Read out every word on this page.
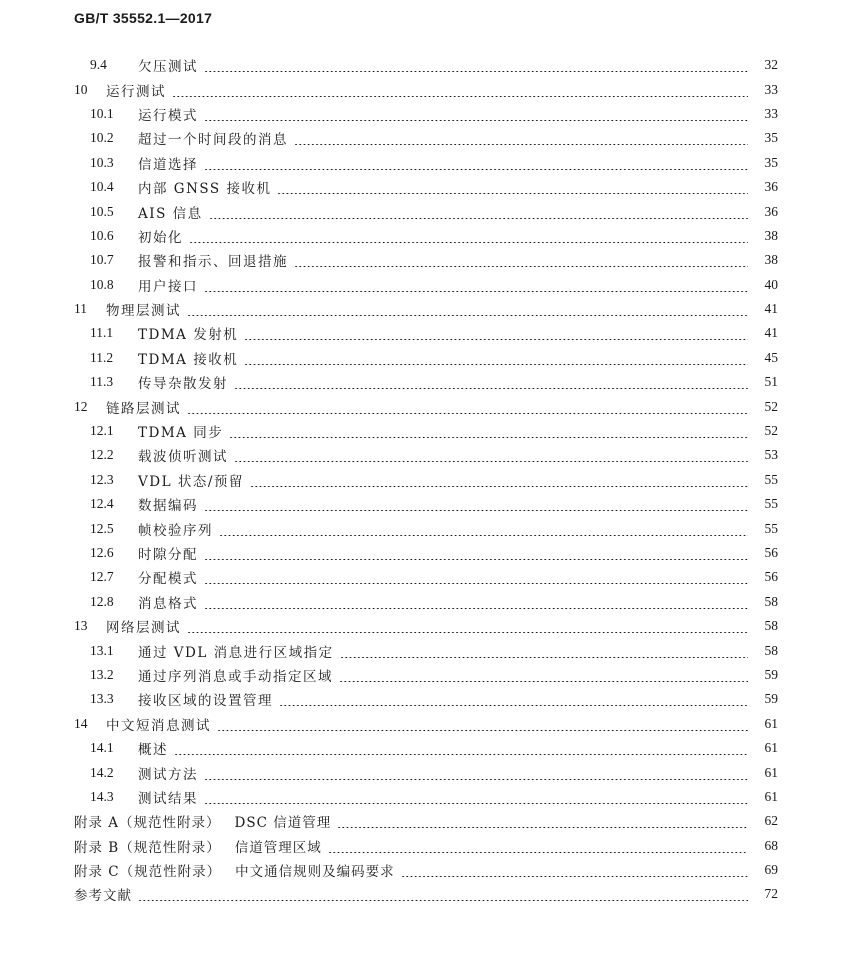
GB/T 35552.1—2017
9.4	欠压测试	32
10	运行测试	33
10.1	运行模式	33
10.2	超过一个时间段的消息	35
10.3	信道选择	35
10.4	内部 GNSS 接收机	36
10.5	AIS 信息	36
10.6	初始化	38
10.7	报警和指示、回退措施	38
10.8	用户接口	40
11	物理层测试	41
11.1	TDMA 发射机	41
11.2	TDMA 接收机	45
11.3	传导杂散发射	51
12	链路层测试	52
12.1	TDMA 同步	52
12.2	载波侦听测试	53
12.3	VDL 状态/预留	55
12.4	数据编码	55
12.5	帧校验序列	55
12.6	时隙分配	56
12.7	分配模式	56
12.8	消息格式	58
13	网络层测试	58
13.1	通过 VDL 消息进行区域指定	58
13.2	通过序列消息或手动指定区域	59
13.3	接收区域的设置管理	59
14	中文短消息测试	61
14.1	概述	61
14.2	测试方法	61
14.3	测试结果	61
附录 A（规范性附录） DSC 信道管理	62
附录 B（规范性附录） 信道管理区域	68
附录 C（规范性附录） 中文通信规则及编码要求	69
参考文献	72
